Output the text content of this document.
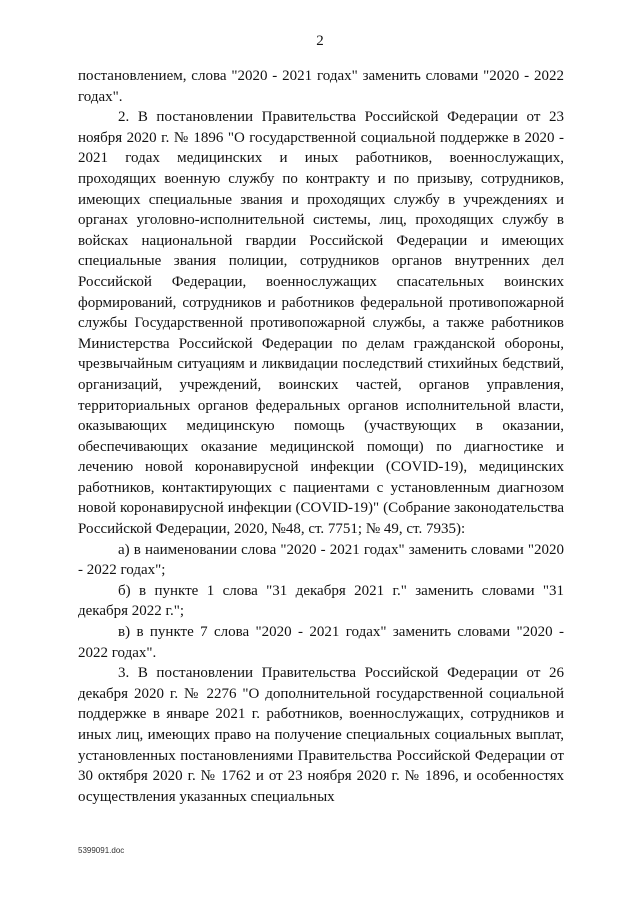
2

постановлением, слова "2020 - 2021 годах" заменить словами "2020 - 2022 годах".

2. В постановлении Правительства Российской Федерации от 23 ноября 2020 г. № 1896 "О государственной социальной поддержке в 2020 - 2021 годах медицинских и иных работников, военнослужащих, проходящих военную службу по контракту и по призыву, сотрудников, имеющих специальные звания и проходящих службу в учреждениях и органах уголовно-исполнительной системы, лиц, проходящих службу в войсках национальной гвардии Российской Федерации и имеющих специальные звания полиции, сотрудников органов внутренних дел Российской Федерации, военнослужащих спасательных воинских формирований, сотрудников и работников федеральной противопожарной службы Государственной противопожарной службы, а также работников Министерства Российской Федерации по делам гражданской обороны, чрезвычайным ситуациям и ликвидации последствий стихийных бедствий, организаций, учреждений, воинских частей, органов управления, территориальных органов федеральных органов исполнительной власти, оказывающих медицинскую помощь (участвующих в оказании, обеспечивающих оказание медицинской помощи) по диагностике и лечению новой коронавирусной инфекции (COVID-19), медицинских работников, контактирующих с пациентами с установленным диагнозом новой коронавирусной инфекции (COVID-19)" (Собрание законодательства Российской Федерации, 2020, №48, ст. 7751; № 49, ст. 7935):

а) в наименовании слова "2020 - 2021 годах" заменить словами "2020 - 2022 годах";

б) в пункте 1 слова "31 декабря 2021 г." заменить словами "31 декабря 2022 г.";

в) в пункте 7 слова "2020 - 2021 годах" заменить словами "2020 - 2022 годах".

3. В постановлении Правительства Российской Федерации от 26 декабря 2020 г. № 2276 "О дополнительной государственной социальной поддержке в январе 2021 г. работников, военнослужащих, сотрудников и иных лиц, имеющих право на получение специальных социальных выплат, установленных постановлениями Правительства Российской Федерации от 30 октября 2020 г. № 1762 и от 23 ноября 2020 г. № 1896, и особенностях осуществления указанных специальных

5399091.doc
